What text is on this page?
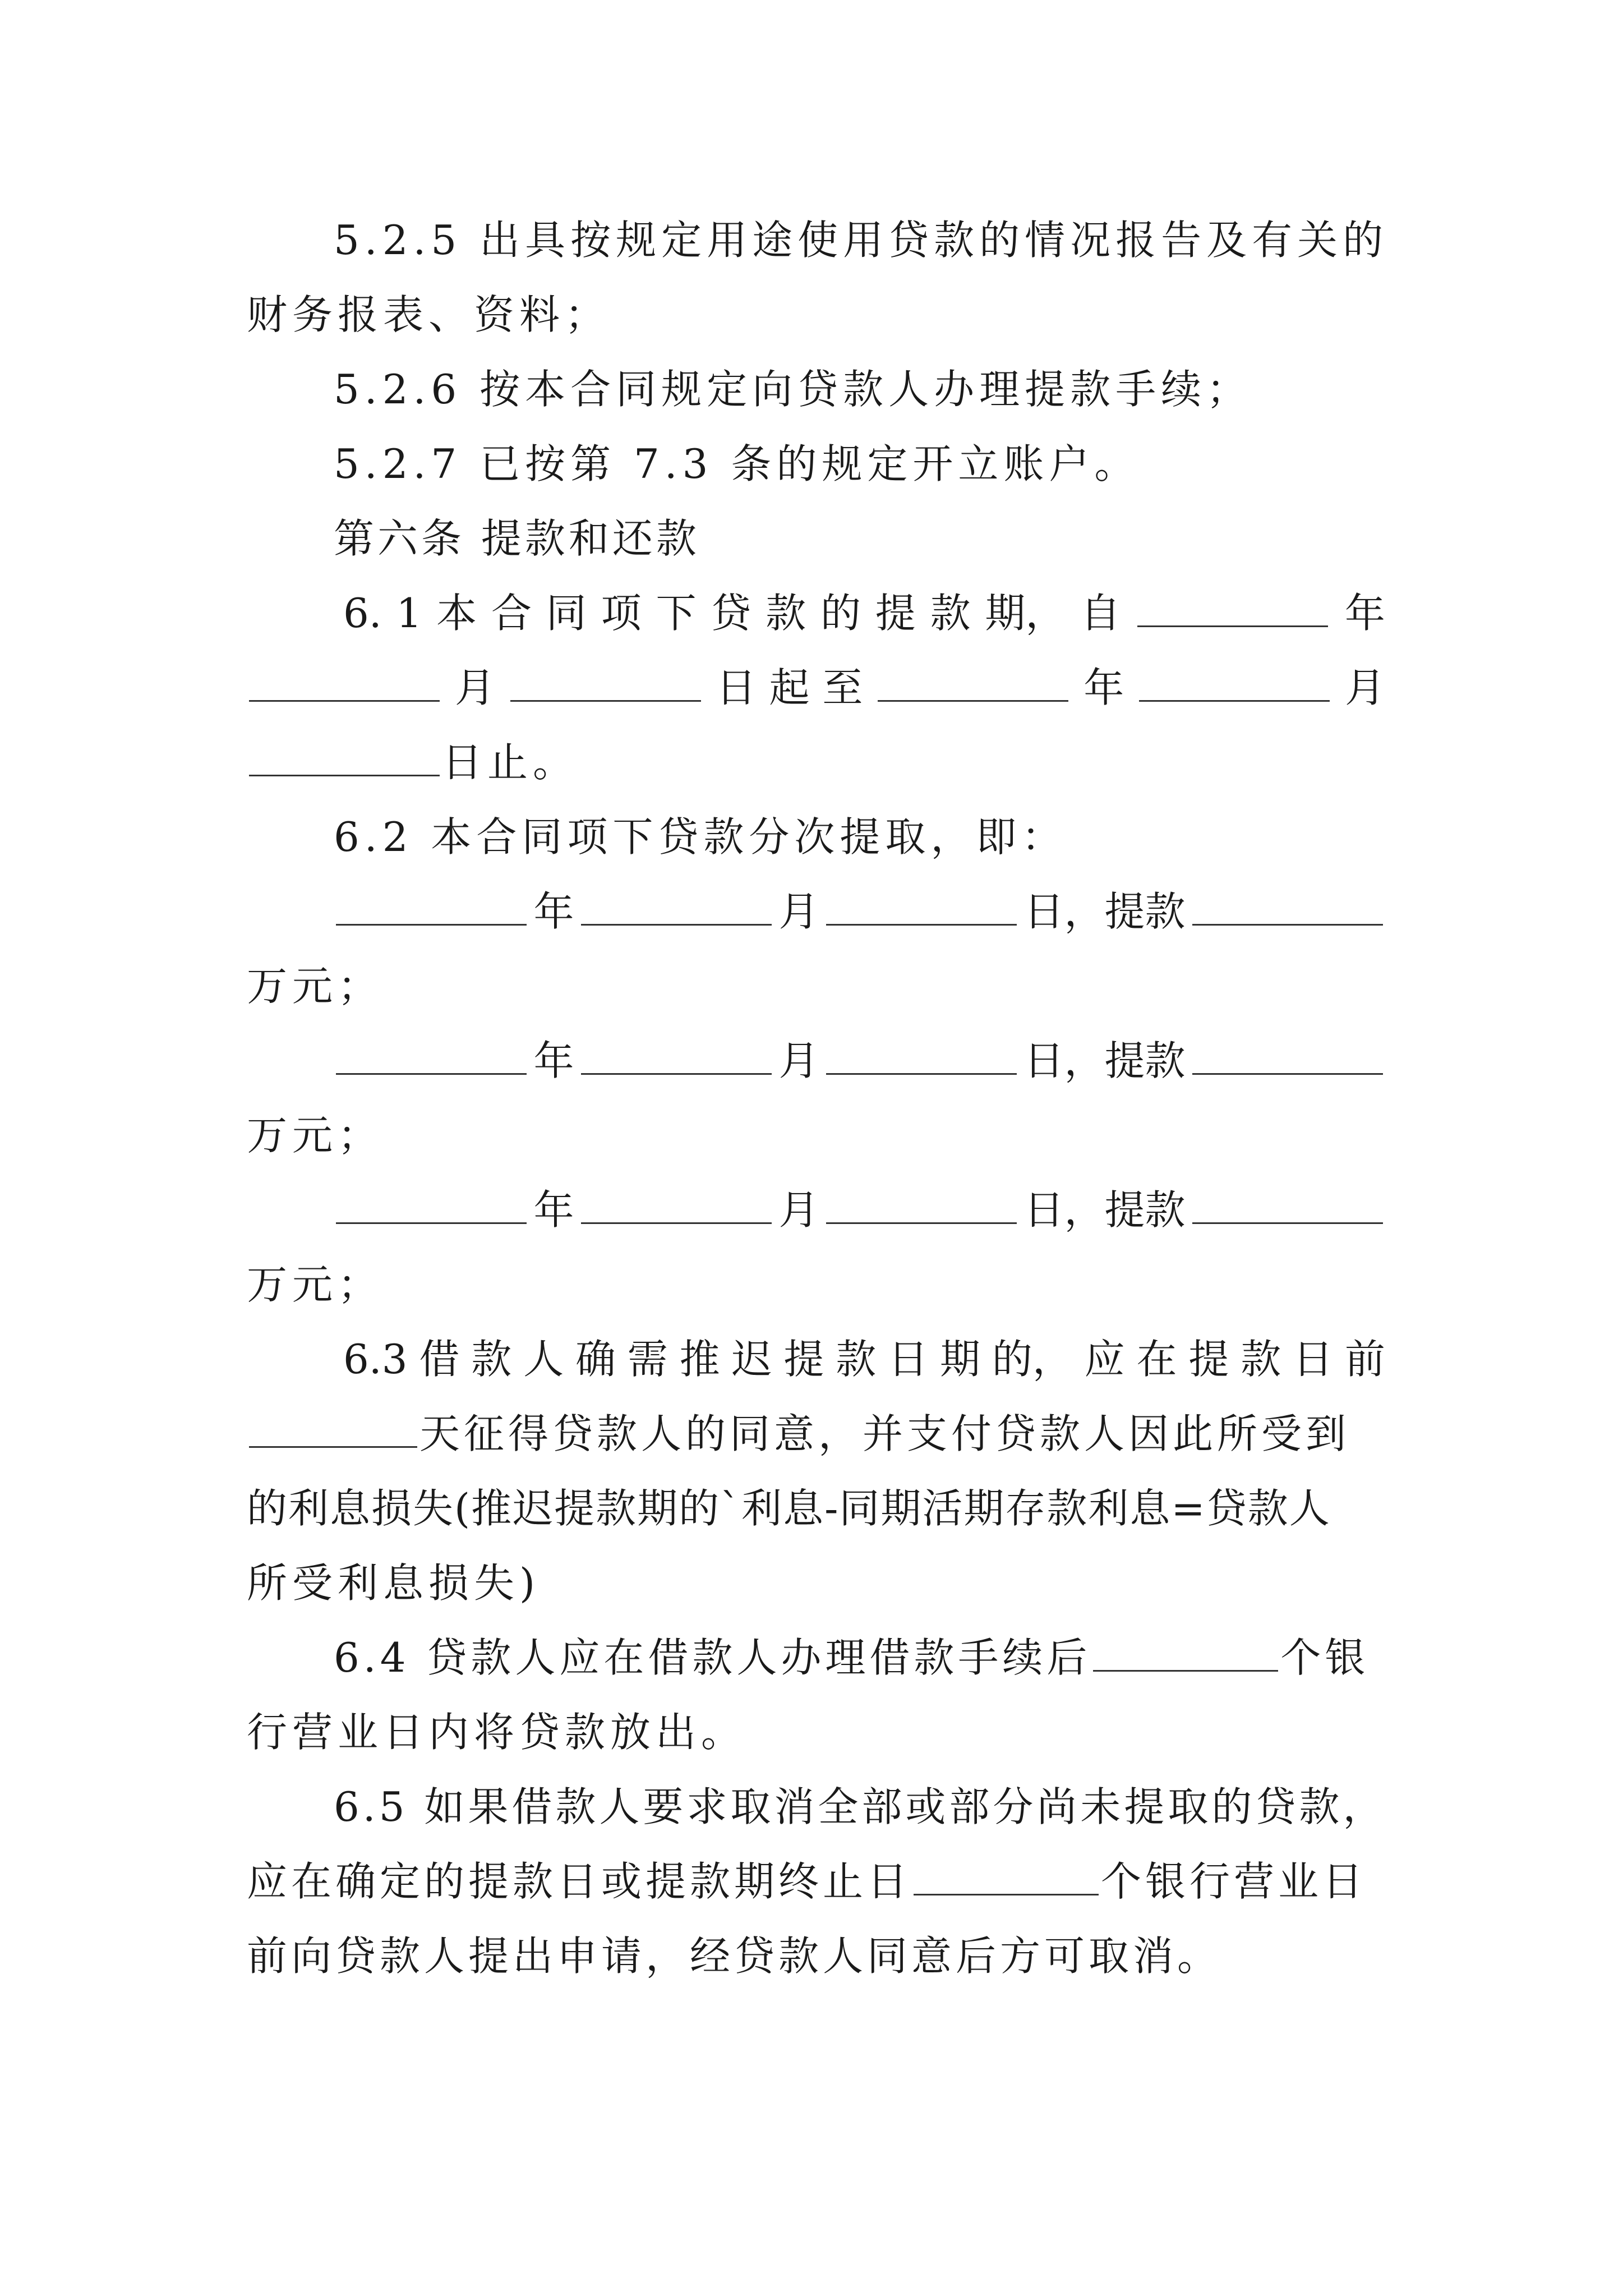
5.2.5 出具按规定用途使用贷款的情况报告及有关的
财务报表、资料；
5.2.6 按本合同规定向贷款人办理提款手续；
5.2.7 已按第 7.3 条的规定开立账户。
第六条 提款和还款
6. 1 本 合 同 项 下 贷 款 的 提 款 期， 自	年
月	日 起 至	年	月
日止。
6.2 本合同项下贷款分次提取，即：
年	月	日，提款
万元；
年	月	日，提款
万元；
年	月	日，提款
万元；
6.3 借 款 人 确 需 推 迟 提 款 日 期 的， 应 在 提 款 日 前
天征得贷款人的同意，并支付贷款人因此所受到
的利息损失(推迟提款期的`利息-同期活期存款利息=贷款人
所受利息损失)
6.4 贷款人应在借款人办理借款手续后	个银
行营业日内将贷款放出。
6.5 如果借款人要求取消全部或部分尚未提取的贷款，
应在确定的提款日或提款期终止日	个银行营业日
前向贷款人提出申请，经贷款人同意后方可取消。
